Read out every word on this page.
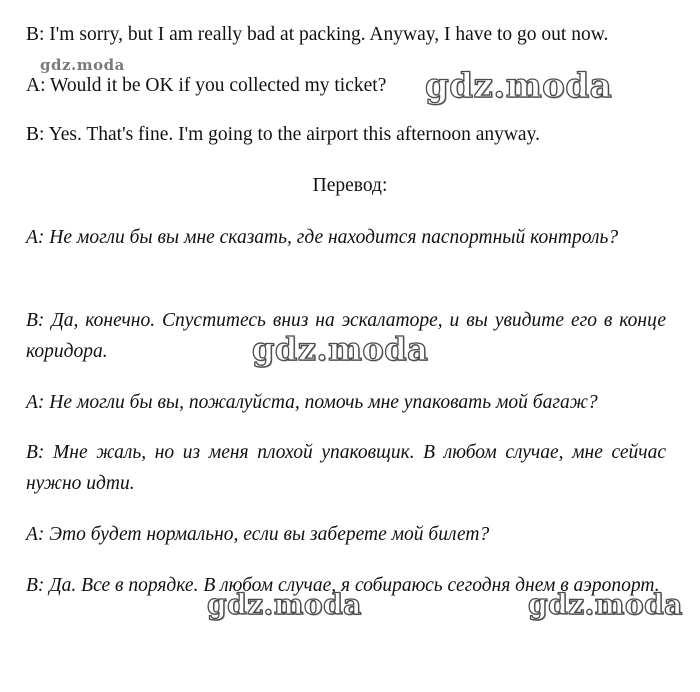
B: I'm sorry, but I am really bad at packing. Anyway, I have to go out now.
gdz.moda
A: Would it be OK if you collected my ticket? gdz.moda
B: Yes. That's fine. I'm going to the airport this afternoon anyway.
Перевод:
A: Не могли бы вы мне сказать, где находится паспортный контроль?
B: Да, конечно. Спуститесь вниз на эскалаторе, и вы увидите его в конце коридора.	gdz.moda
A: Не могли бы вы, пожалуйста, помочь мне упаковать мой багаж?
B: Мне жаль, но из меня плохой упаковщик. В любом случае, мне сейчас нужно идти.
A: Это будет нормально, если вы заберете мой билет?
B: Да. Все в порядке. В любом случае, я собираюсь сегодня днем в аэропорт.
gdz.moda	gdz.moda
